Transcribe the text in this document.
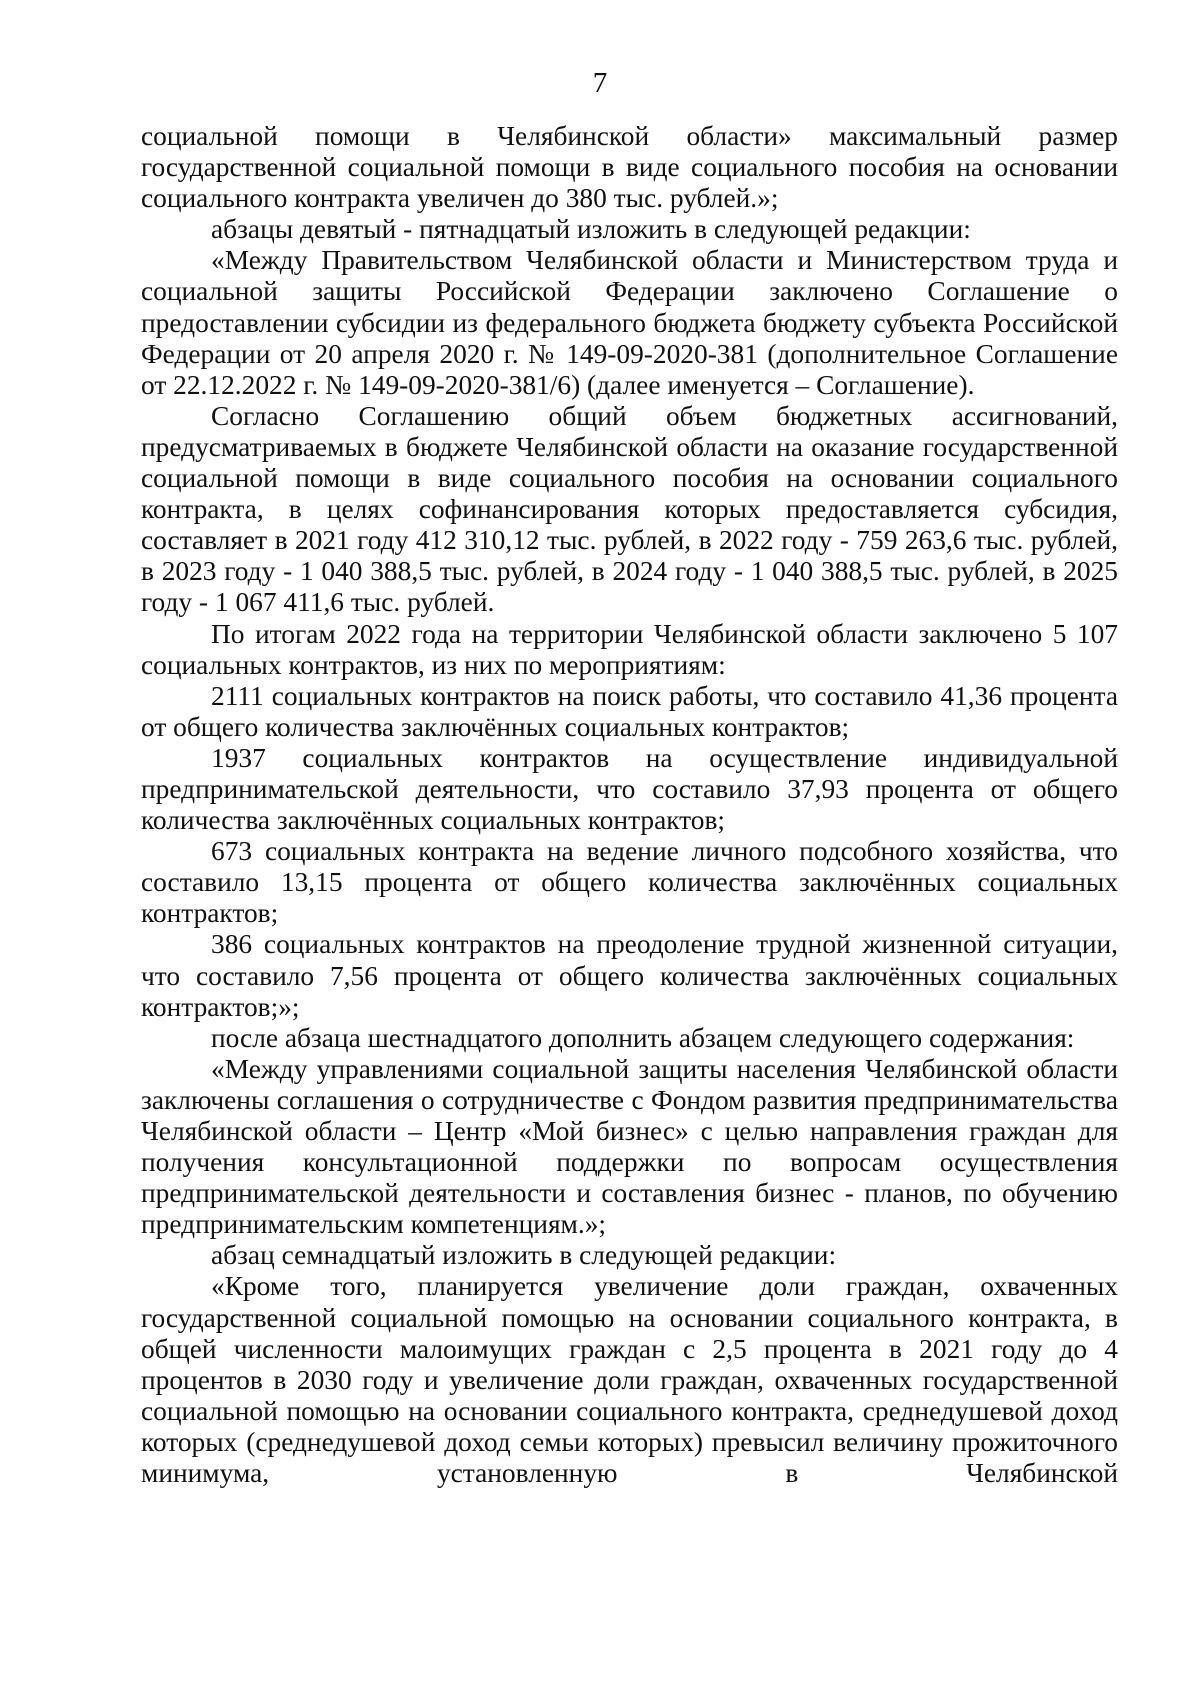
7

социальной помощи в Челябинской области» максимальный размер государственной социальной помощи в виде социального пособия на основании социального контракта увеличен до 380 тыс. рублей.»;

абзацы девятый - пятнадцатый изложить в следующей редакции:

«Между Правительством Челябинской области и Министерством труда и социальной защиты Российской Федерации заключено Соглашение о предоставлении субсидии из федерального бюджета бюджету субъекта Российской Федерации от 20 апреля 2020 г. № 149-09-2020-381 (дополнительное Соглашение от 22.12.2022 г. № 149-09-2020-381/6) (далее именуется – Соглашение).

Согласно Соглашению общий объем бюджетных ассигнований, предусматриваемых в бюджете Челябинской области на оказание государственной социальной помощи в виде социального пособия на основании социального контракта, в целях софинансирования которых предоставляется субсидия, составляет в 2021 году 412 310,12 тыс. рублей, в 2022 году - 759 263,6 тыс. рублей, в 2023 году - 1 040 388,5 тыс. рублей, в 2024 году - 1 040 388,5 тыс. рублей, в 2025 году - 1 067 411,6 тыс. рублей.

По итогам 2022 года на территории Челябинской области заключено 5 107 социальных контрактов, из них по мероприятиям:

2111 социальных контрактов на поиск работы, что составило 41,36 процента от общего количества заключённых социальных контрактов;

1937 социальных контрактов на осуществление индивидуальной предпринимательской деятельности, что составило 37,93 процента от общего количества заключённых социальных контрактов;

673 социальных контракта на ведение личного подсобного хозяйства, что составило 13,15 процента от общего количества заключённых социальных контрактов;

386 социальных контрактов на преодоление трудной жизненной ситуации, что составило 7,56 процента от общего количества заключённых социальных контрактов;»;

после абзаца шестнадцатого дополнить абзацем следующего содержания:

«Между управлениями социальной защиты населения Челябинской области заключены соглашения о сотрудничестве с Фондом развития предпринимательства Челябинской области – Центр «Мой бизнес» с целью направления граждан для получения консультационной поддержки по вопросам осуществления предпринимательской деятельности и составления бизнес - планов, по обучению предпринимательским компетенциям.»;

абзац семнадцатый изложить в следующей редакции:

«Кроме того, планируется увеличение доли граждан, охваченных государственной социальной помощью на основании социального контракта, в общей численности малоимущих граждан с 2,5 процента в 2021 году до 4 процентов в 2030 году и увеличение доли граждан, охваченных государственной социальной помощью на основании социального контракта, среднедушевой доход которых (среднедушевой доход семьи которых) превысил величину прожиточного минимума, установленную в Челябинской
